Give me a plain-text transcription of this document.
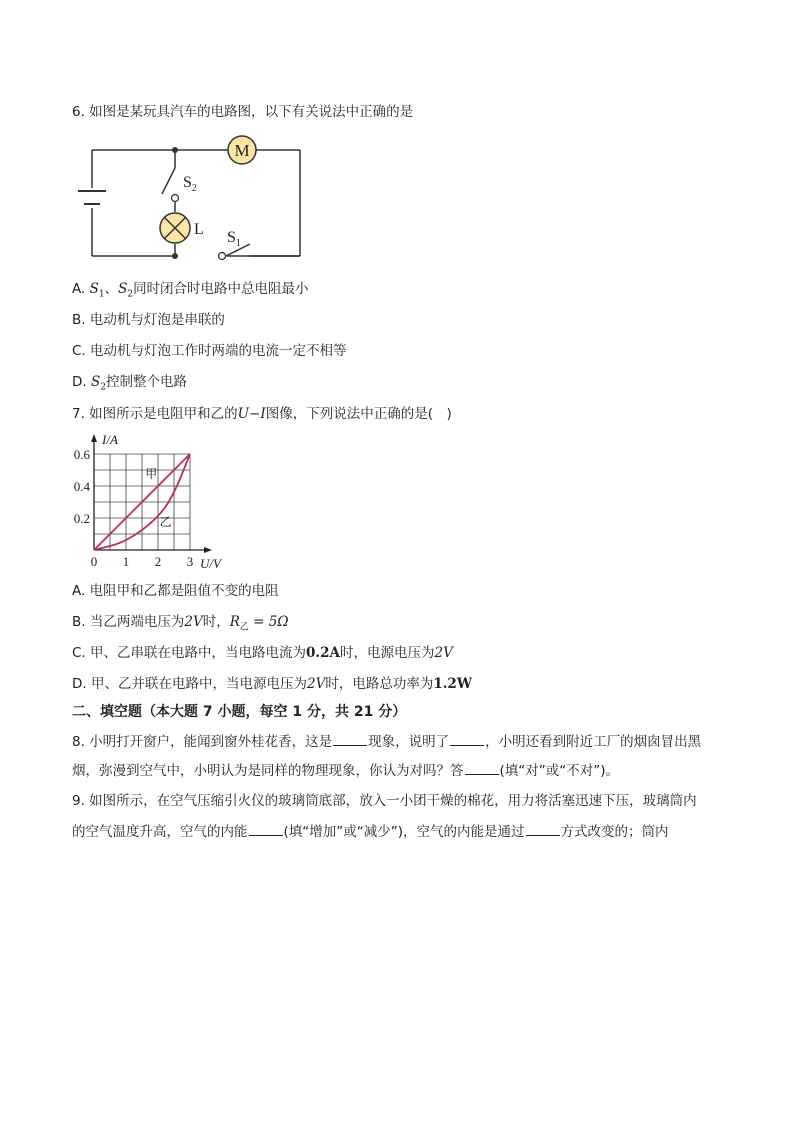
6. 如图是某玩具汽车的电路图，以下有关说法中正确的是
M
$S_2$
L $S_1$
A. $S_1$、$S_2$同时闭合时电路中总电阻最小
B. 电动机与灯泡是串联的
C. 电动机与灯泡工作时两端的电流一定不相等
D. $S_2$控制整个电路
7. 如图所示是电阻甲和乙的U−I图像，下列说法中正确的是(　)
甲
乙
0 1 2 3
0.2
0.4
0.6
U/V
I/A
A. 电阻甲和乙都是阻值不变的电阻
B. 当乙两端电压为2V时，$R_乙 = 5\Omega$
C. 甲、乙串联在电路中，当电路电流为0.2A时，电源电压为2V
D. 甲、乙并联在电路中，当电源电压为2V时，电路总功率为1.2W
二、填空题（本大题 7 小题，每空 1 分，共 21 分）
8. 小明打开窗户，能闻到窗外桂花香，这是	现象，说明了	，小明还看到附近工厂的烟囱冒出黑
烟，弥漫到空气中，小明认为是同样的物理现象，你认为对吗？答	(填“对”或“不对”)。
9. 如图所示，在空气压缩引火仪的玻璃筒底部，放入一小团干燥的棉花，用力将活塞迅速下压，玻璃筒内
的空气温度升高，空气的内能	(填“增加”或“减少”)，空气的内能是通过	方式改变的；筒内
